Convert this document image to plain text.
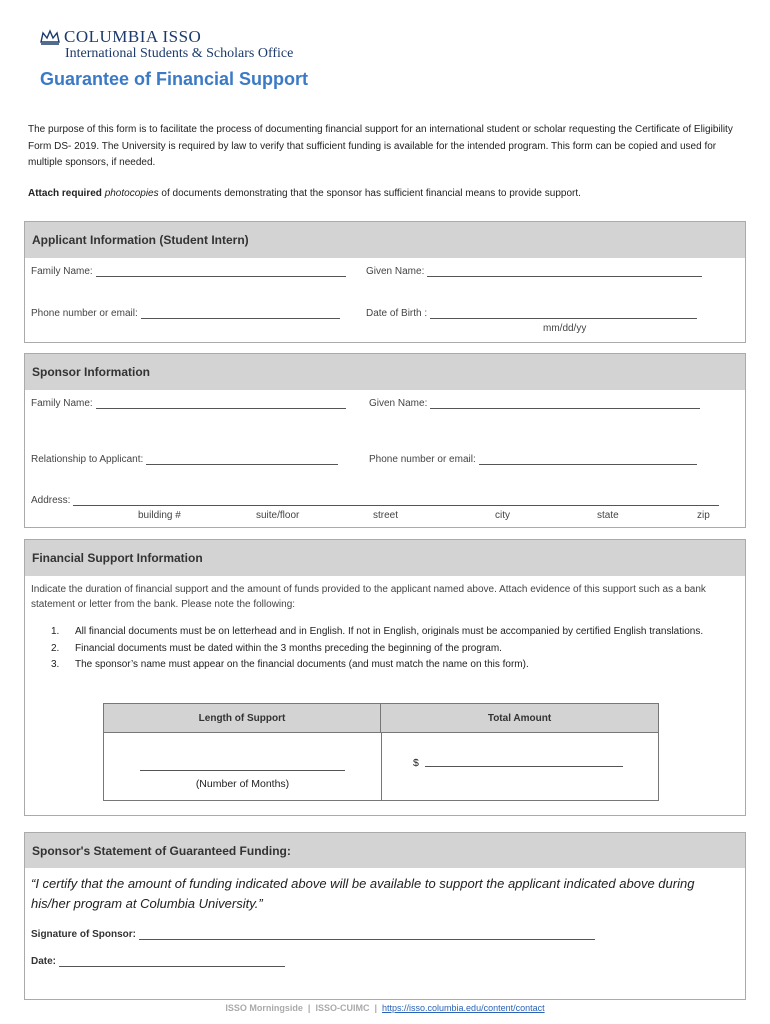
COLUMBIA ISSO
International Students & Scholars Office
Guarantee of Financial Support
The purpose of this form is to facilitate the process of documenting financial support for an international student or scholar requesting the Certificate of Eligibility Form DS- 2019. The University is required by law to verify that sufficient funding is available for the intended program. This form can be copied and used for multiple sponsors, if needed.
Attach required photocopies of documents demonstrating that the sponsor has sufficient financial means to provide support.
Applicant Information (Student Intern)
Family Name:	Given Name:
Phone number or email:	Date of Birth :
mm/dd/yy
Sponsor Information
Family Name:	Given Name:
Relationship to Applicant:	Phone number or email:
Address:
building #	suite/floor	street	city	state	zip
Financial Support Information
Indicate the duration of financial support and the amount of funds provided to the applicant named above. Attach evidence of this support such as a bank statement or letter from the bank. Please note the following:
1.	All financial documents must be on letterhead and in English. If not in English, originals must be accompanied by certified English translations.
2.	Financial documents must be dated within the 3 months preceding the beginning of the program.
3.	The sponsor’s name must appear on the financial documents (and must match the name on this form).
Length of Support	Total Amount
(Number of Months)
$
Sponsor's Statement of Guaranteed Funding:
“I certify that the amount of funding indicated above will be available to support the applicant indicated above during his/her program at Columbia University.”
Signature of Sponsor:
Date:
ISSO Morningside | ISSO-CUIMC | https://isso.columbia.edu/content/contact
